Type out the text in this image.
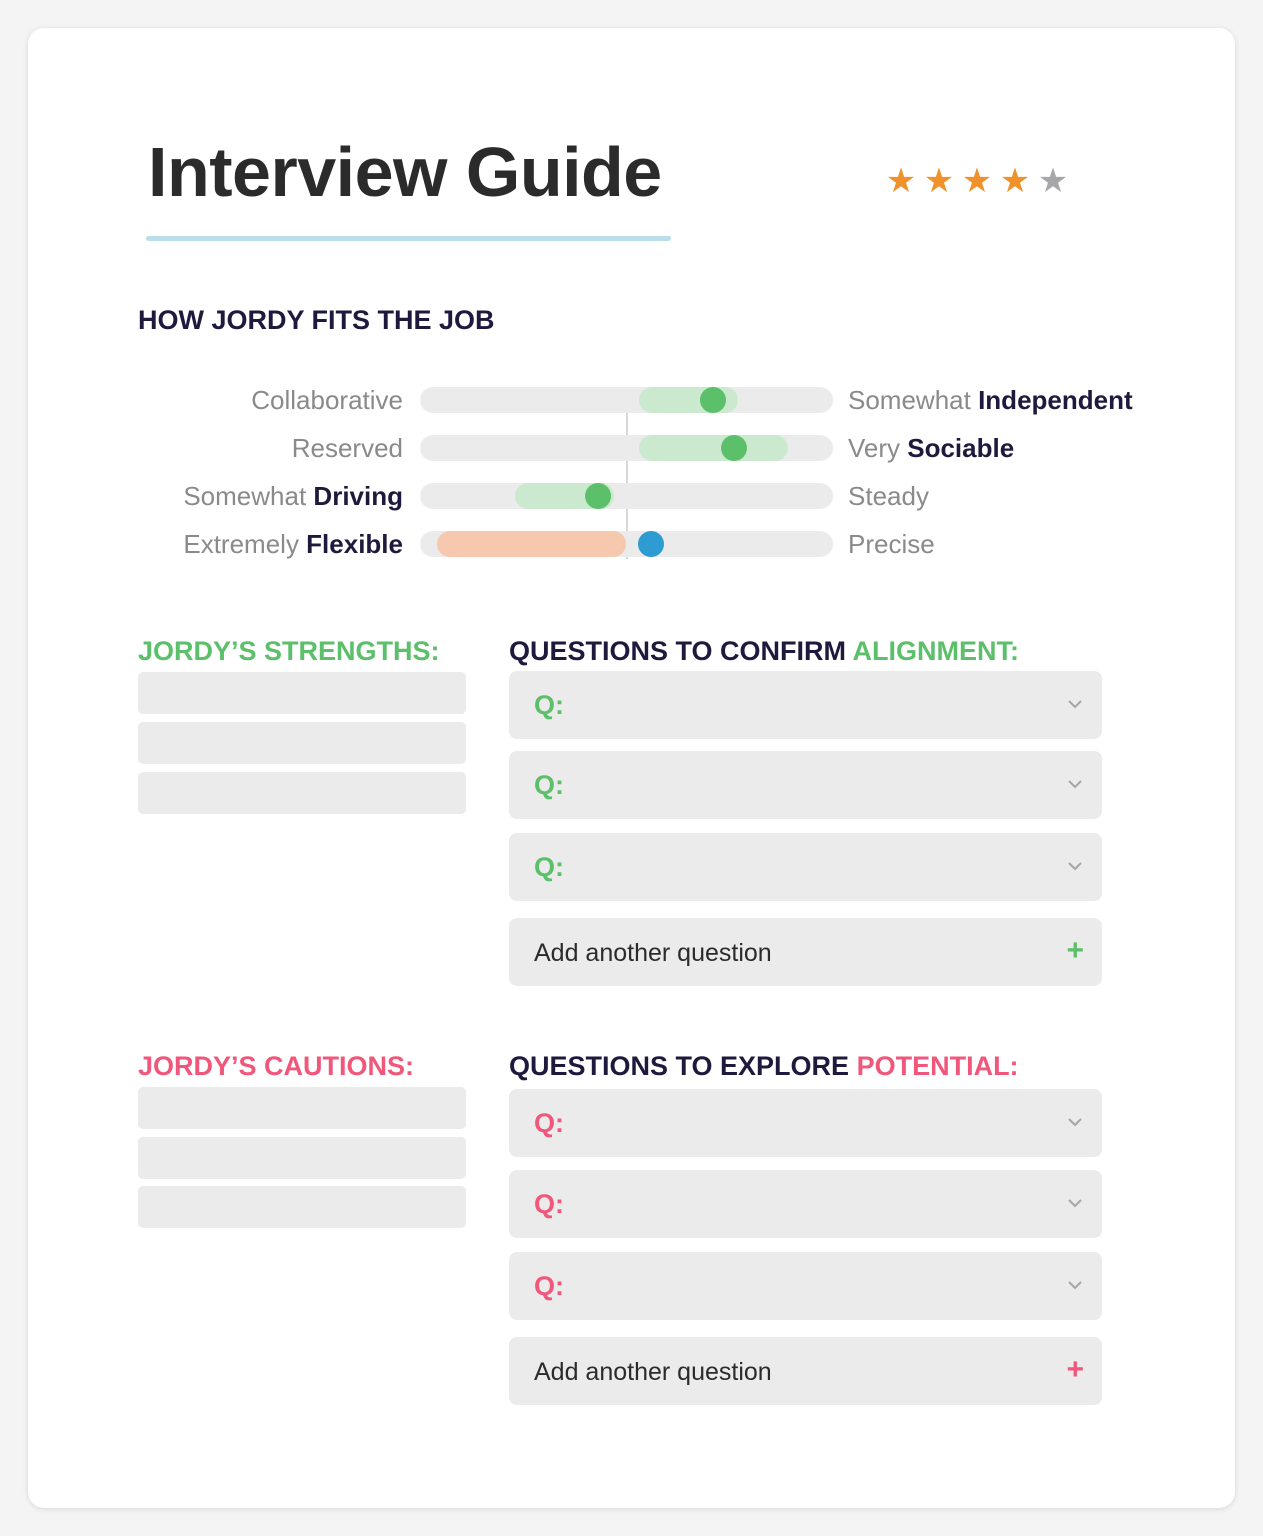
Interview Guide	★ ★ ★ ★ ★
HOW JORDY FITS THE JOB
Collaborative	Somewhat Independent
Reserved	Very Sociable
Somewhat Driving	Steady
Extremely Flexible	Precise
JORDY’S STRENGTHS:	QUESTIONS TO CONFIRM ALIGNMENT:
Q:
Q:
Q:
Add another question	+
JORDY’S CAUTIONS:	QUESTIONS TO EXPLORE POTENTIAL:
Q:
Q:
Q:
Add another question	+
